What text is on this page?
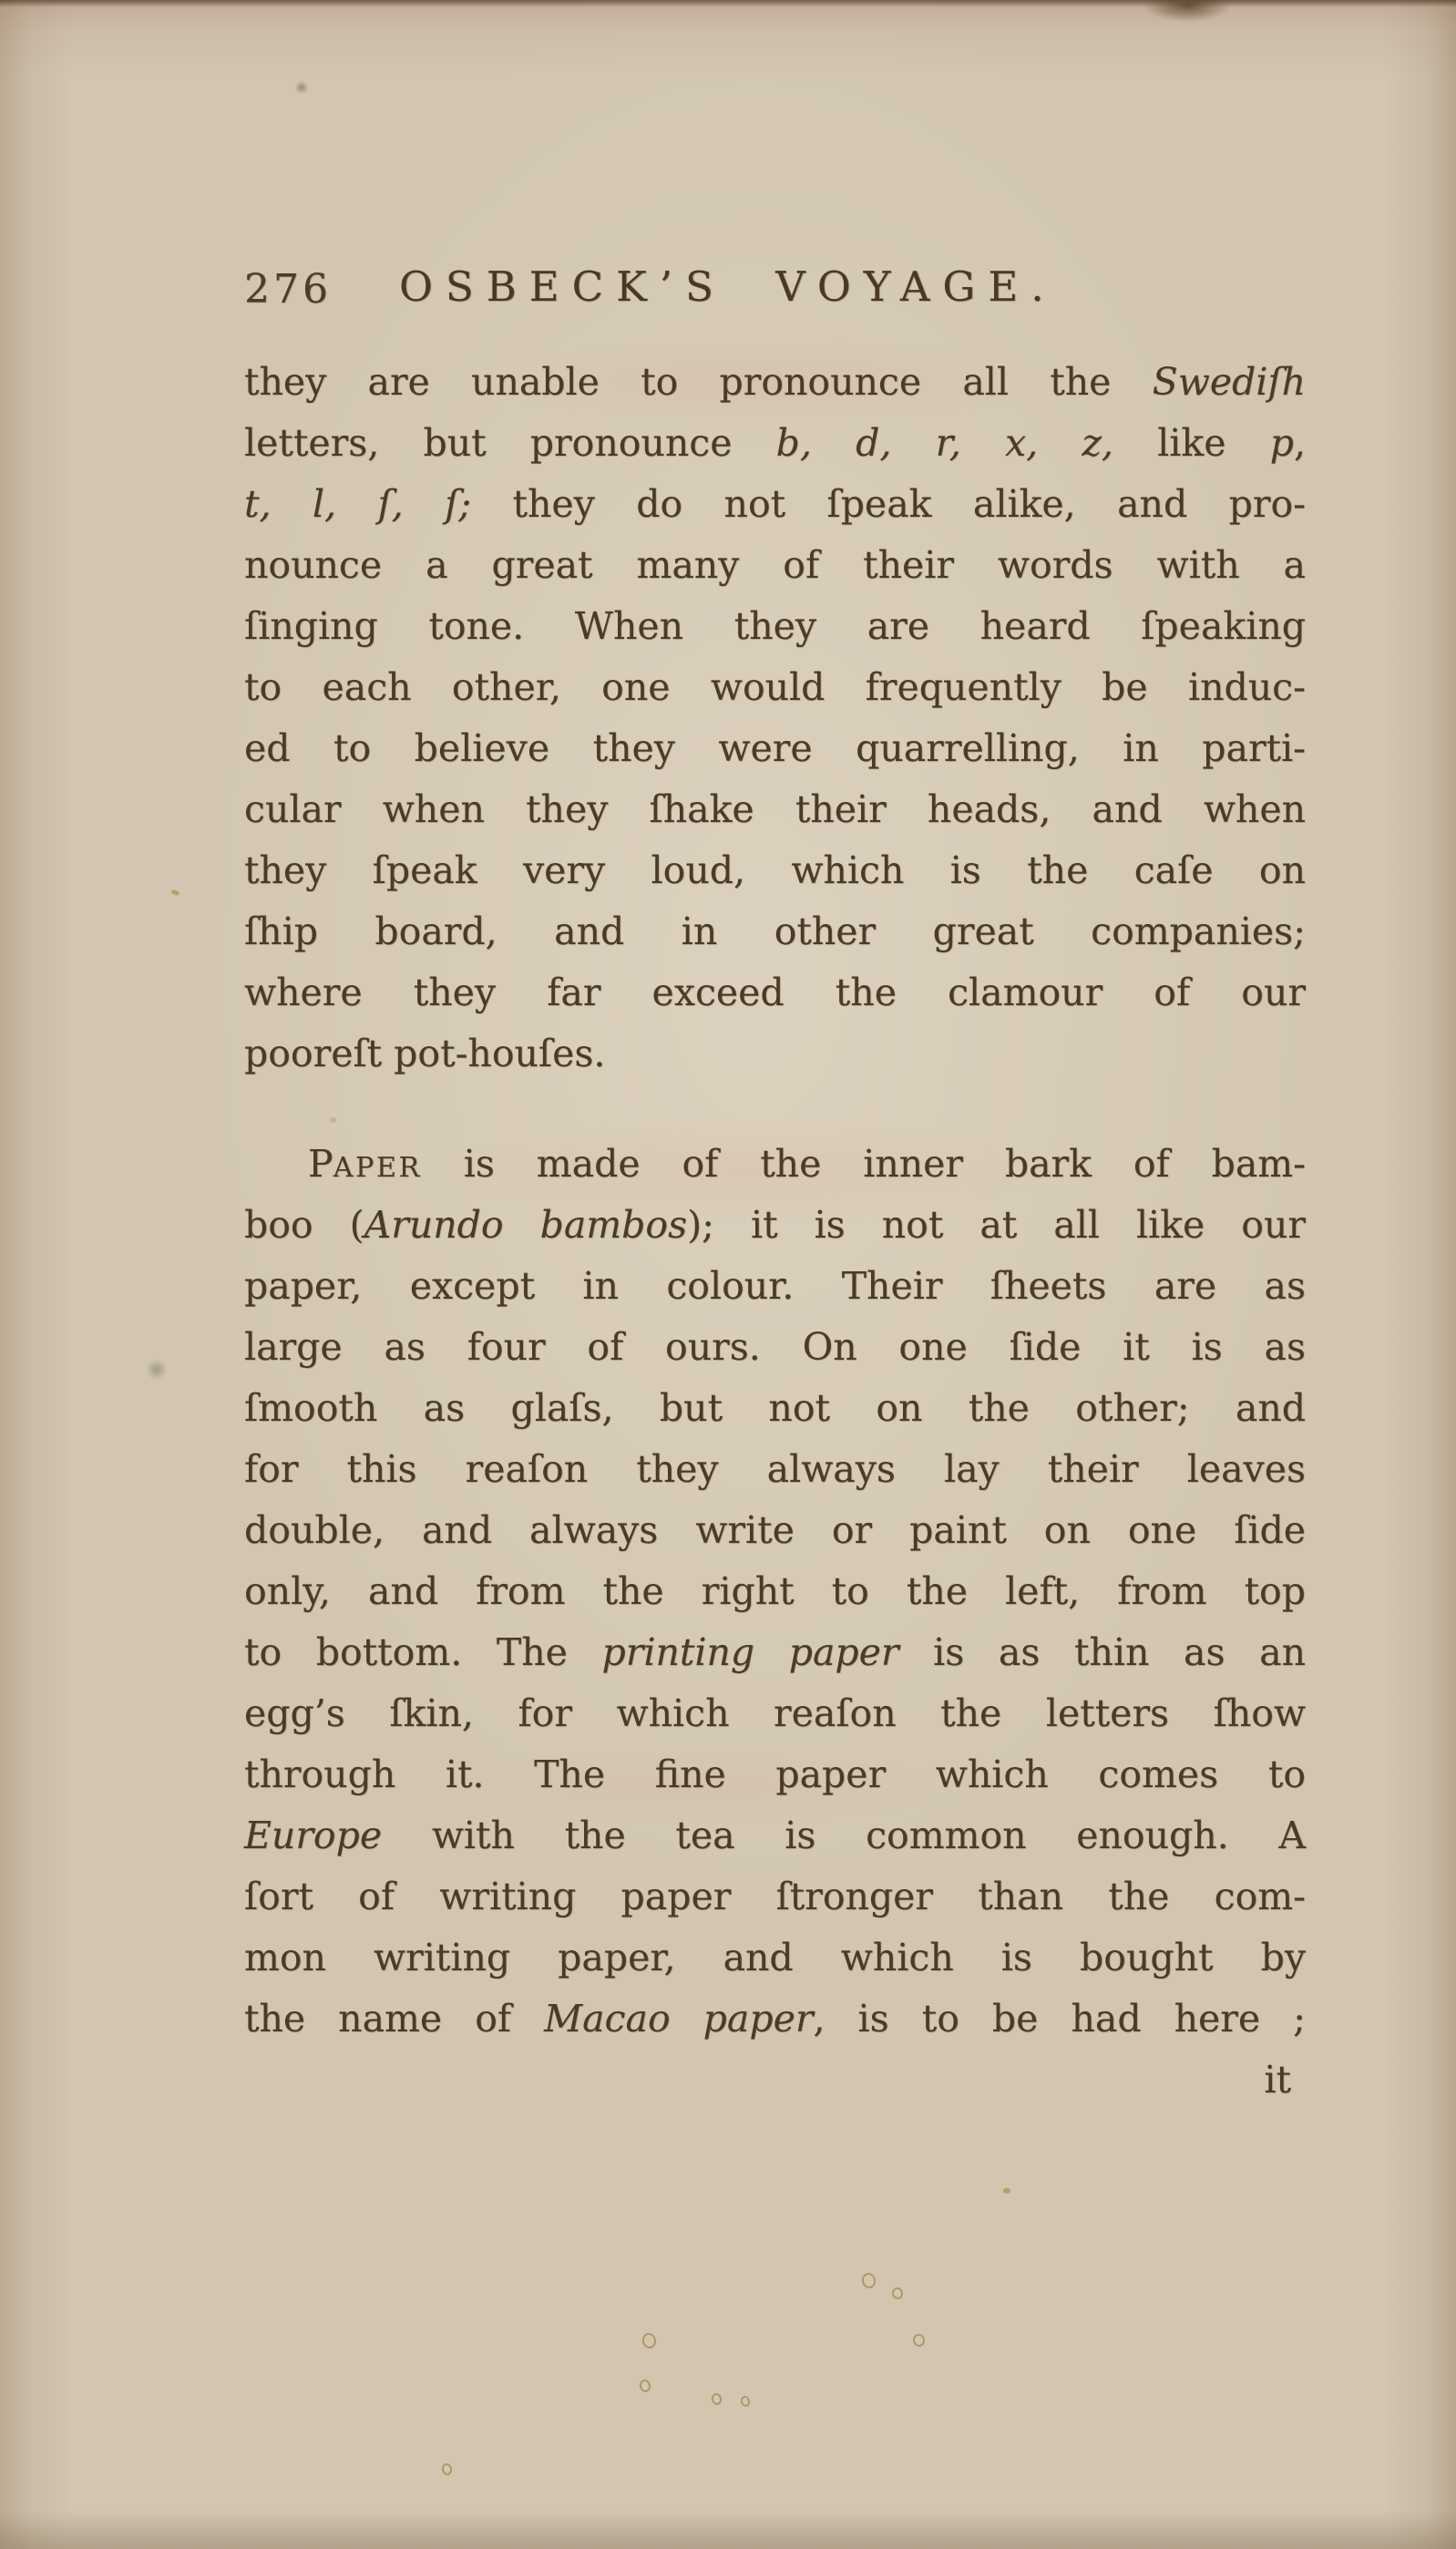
276 OSBECK’S VOYAGE.
they are unable to pronounce all the Swediſh
letters, but pronounce b, d, r, x, z, like p,
t, l, ſ, ſ; they do not ſpeak alike, and pro-
nounce a great many of their words with a
ſinging tone. When they are heard ſpeaking
to each other, one would frequently be induc-
ed to believe they were quarrelling, in parti-
cular when they ſhake their heads, and when
they ſpeak very loud, which is the caſe on
ſhip board, and in other great companies;
where they far exceed the clamour of our
pooreſt pot-houſes.
PAPER is made of the inner bark of bam-
boo (Arundo bambos); it is not at all like our
paper, except in colour. Their ſheets are as
large as four of ours. On one ſide it is as
ſmooth as glaſs, but not on the other; and
for this reaſon they always lay their leaves
double, and always write or paint on one ſide
only, and from the right to the left, from top
to bottom. The printing paper is as thin as an
egg’s ſkin, for which reaſon the letters ſhow
through it. The fine paper which comes to
Europe with the tea is common enough. A
ſort of writing paper ſtronger than the com-
mon writing paper, and which is bought by
the name of Macao paper, is to be had here ;
it
